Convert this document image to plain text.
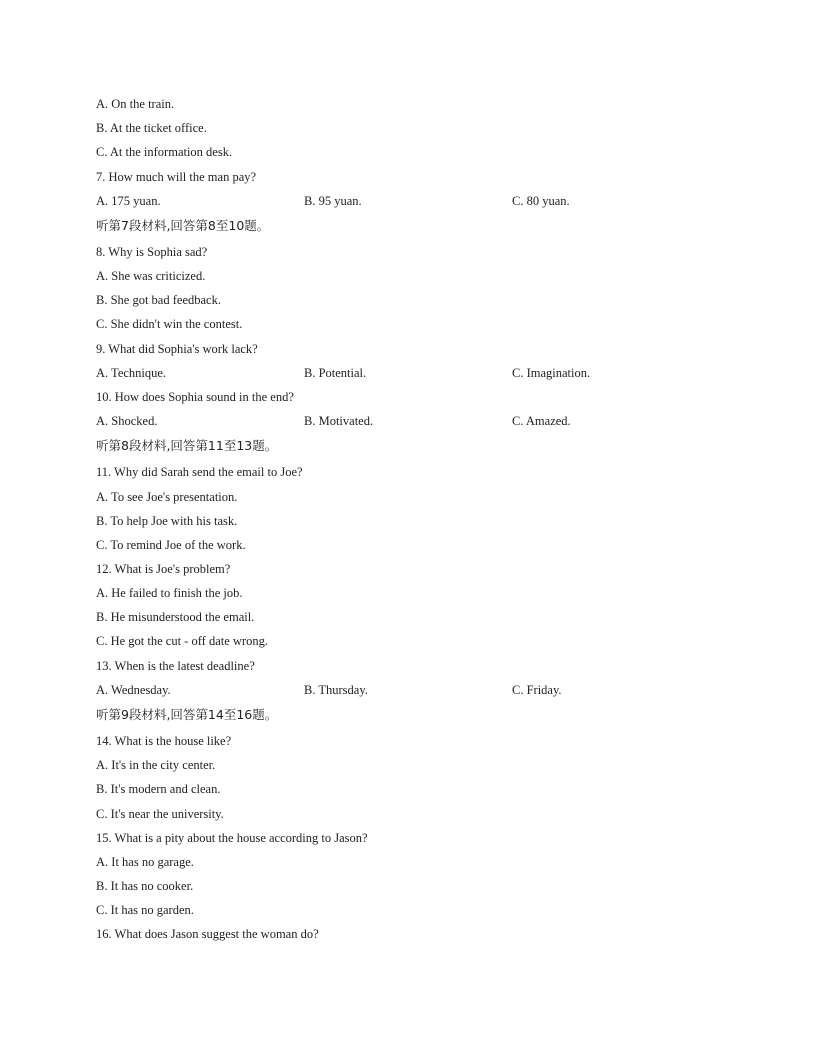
A. On the train.
B. At the ticket office.
C. At the information desk.
7. How much will the man pay?
A. 175 yuan.	B. 95 yuan.	C. 80 yuan.
听第7段材料,回答第8至10题。
8. Why is Sophia sad?
A. She was criticized.
B. She got bad feedback.
C. She didn't win the contest.
9. What did Sophia's work lack?
A. Technique.	B. Potential.	C. Imagination.
10. How does Sophia sound in the end?
A. Shocked.	B. Motivated.	C. Amazed.
听第8段材料,回答第11至13题。
11. Why did Sarah send the email to Joe?
A. To see Joe's presentation.
B. To help Joe with his task.
C. To remind Joe of the work.
12. What is Joe's problem?
A. He failed to finish the job.
B. He misunderstood the email.
C. He got the cut - off date wrong.
13. When is the latest deadline?
A. Wednesday.	B. Thursday.	C. Friday.
听第9段材料,回答第14至16题。
14. What is the house like?
A. It's in the city center.
B. It's modern and clean.
C. It's near the university.
15. What is a pity about the house according to Jason?
A. It has no garage.
B. It has no cooker.
C. It has no garden.
16. What does Jason suggest the woman do?
